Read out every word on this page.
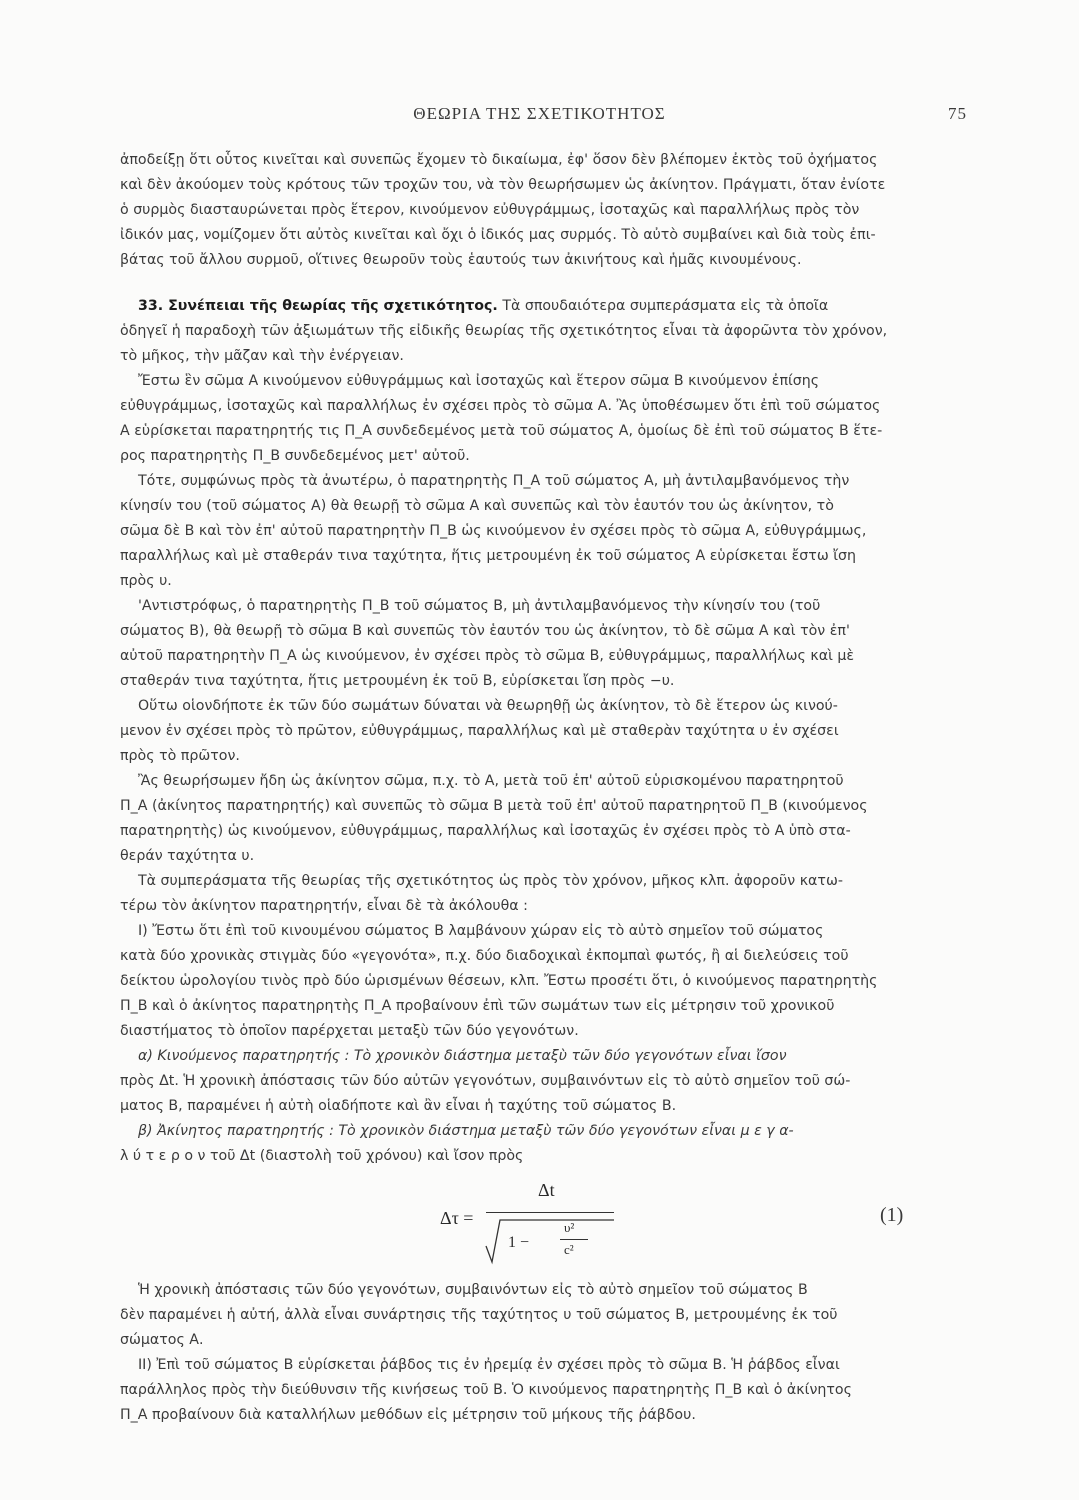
ΘΕΩΡΙΑ ΤΗΣ ΣΧΕΤΙΚΟΤΗΤΟΣ	75
ἀποδείξῃ ὅτι οὗτος κινεῖται καὶ συνεπῶς ἔχομεν τὸ δικαίωμα, ἐφ' ὅσον δὲν βλέπομεν ἐκτὸς τοῦ ὀχήματος
καὶ δὲν ἀκούομεν τοὺς κρότους τῶν τροχῶν του, νὰ τὸν θεωρήσωμεν ὡς ἀκίνητον. Πράγματι, ὅταν ἐνίοτε
ὁ συρμὸς διασταυρώνεται πρὸς ἕτερον, κινούμενον εὐθυγράμμως, ἰσοταχῶς καὶ παραλλήλως πρὸς τὸν
ἰδικόν μας, νομίζομεν ὅτι αὐτὸς κινεῖται καὶ ὄχι ὁ ἰδικός μας συρμός. Τὸ αὐτὸ συμβαίνει καὶ διὰ τοὺς ἐπι-
βάτας τοῦ ἄλλου συρμοῦ, οἵτινες θεωροῦν τοὺς ἑαυτούς των ἀκινήτους καὶ ἡμᾶς κινουμένους.
33. Συνέπειαι τῆς θεωρίας τῆς σχετικότητος. Τὰ σπουδαιότερα συμπεράσματα εἰς τὰ ὁποῖα
ὁδηγεῖ ἡ παραδοχὴ τῶν ἀξιωμάτων τῆς εἰδικῆς θεωρίας τῆς σχετικότητος εἶναι τὰ ἀφορῶντα τὸν χρόνον,
τὸ μῆκος, τὴν μᾶζαν καὶ τὴν ἐνέργειαν.
Ἔστω ἓν σῶμα Α κινούμενον εὐθυγράμμως καὶ ἰσοταχῶς καὶ ἕτερον σῶμα Β κινούμενον ἐπίσης
εὐθυγράμμως, ἰσοταχῶς καὶ παραλλήλως ἐν σχέσει πρὸς τὸ σῶμα Α. Ἂς ὑποθέσωμεν ὅτι ἐπὶ τοῦ σώματος
Α εὑρίσκεται παρατηρητής τις Π_A συνδεδεμένος μετὰ τοῦ σώματος Α, ὁμοίως δὲ ἐπὶ τοῦ σώματος Β ἕτε-
ρος παρατηρητὴς Π_B συνδεδεμένος μετ' αὐτοῦ.
Τότε, συμφώνως πρὸς τὰ ἀνωτέρω, ὁ παρατηρητὴς Π_A τοῦ σώματος Α, μὴ ἀντιλαμβανόμενος τὴν
κίνησίν του (τοῦ σώματος Α) θὰ θεωρῇ τὸ σῶμα Α καὶ συνεπῶς καὶ τὸν ἑαυτόν του ὡς ἀκίνητον, τὸ
σῶμα δὲ Β καὶ τὸν ἐπ' αὐτοῦ παρατηρητὴν Π_B ὡς κινούμενον ἐν σχέσει πρὸς τὸ σῶμα Α, εὐθυγράμμως,
παραλλήλως καὶ μὲ σταθεράν τινα ταχύτητα, ἥτις μετρουμένη ἐκ τοῦ σώματος Α εὑρίσκεται ἔστω ἴση
πρὸς υ.
'Αντιστρόφως, ὁ παρατηρητὴς Π_B τοῦ σώματος Β, μὴ ἀντιλαμβανόμενος τὴν κίνησίν του (τοῦ
σώματος Β), θὰ θεωρῇ τὸ σῶμα Β καὶ συνεπῶς τὸν ἑαυτόν του ὡς ἀκίνητον, τὸ δὲ σῶμα Α καὶ τὸν ἐπ'
αὐτοῦ παρατηρητὴν Π_A ὡς κινούμενον, ἐν σχέσει πρὸς τὸ σῶμα Β, εὐθυγράμμως, παραλλήλως καὶ μὲ
σταθεράν τινα ταχύτητα, ἥτις μετρουμένη ἐκ τοῦ Β, εὑρίσκεται ἴση πρὸς −υ.
Οὕτω οἱονδήποτε ἐκ τῶν δύο σωμάτων δύναται νὰ θεωρηθῇ ὡς ἀκίνητον, τὸ δὲ ἕτερον ὡς κινού-
μενον ἐν σχέσει πρὸς τὸ πρῶτον, εὐθυγράμμως, παραλλήλως καὶ μὲ σταθερὰν ταχύτητα υ ἐν σχέσει
πρὸς τὸ πρῶτον.
Ἂς θεωρήσωμεν ἤδη ὡς ἀκίνητον σῶμα, π.χ. τὸ Α, μετὰ τοῦ ἐπ' αὐτοῦ εὑρισκομένου παρατηρητοῦ
Π_A (ἀκίνητος παρατηρητής) καὶ συνεπῶς τὸ σῶμα Β μετὰ τοῦ ἐπ' αὐτοῦ παρατηρητοῦ Π_B (κινούμενος
παρατηρητὴς) ὡς κινούμενον, εὐθυγράμμως, παραλλήλως καὶ ἰσοταχῶς ἐν σχέσει πρὸς τὸ Α ὑπὸ στα-
θεράν ταχύτητα υ.
Τὰ συμπεράσματα τῆς θεωρίας τῆς σχετικότητος ὡς πρὸς τὸν χρόνον, μῆκος κλπ. ἀφοροῦν κατω-
τέρω τὸν ἀκίνητον παρατηρητήν, εἶναι δὲ τὰ ἀκόλουθα :
Ι) Ἔστω ὅτι ἐπὶ τοῦ κινουμένου σώματος Β λαμβάνουν χώραν εἰς τὸ αὐτὸ σημεῖον τοῦ σώματος
κατὰ δύο χρονικὰς στιγμὰς δύο «γεγονότα», π.χ. δύο διαδοχικαὶ ἐκπομπαὶ φωτός, ἢ αἱ διελεύσεις τοῦ
δείκτου ὡρολογίου τινὸς πρὸ δύο ὡρισμένων θέσεων, κλπ. Ἔστω προσέτι ὅτι, ὁ κινούμενος παρατηρητὴς
Π_B καὶ ὁ ἀκίνητος παρατηρητὴς Π_A προβαίνουν ἐπὶ τῶν σωμάτων των εἰς μέτρησιν τοῦ χρονικοῦ
διαστήματος τὸ ὁποῖον παρέρχεται μεταξὺ τῶν δύο γεγονότων.
α) Κινούμενος παρατηρητής : Τὸ χρονικὸν διάστημα μεταξὺ τῶν δύο γεγονότων εἶναι ἴσον
πρὸς Δt. Ἡ χρονικὴ ἀπόστασις τῶν δύο αὐτῶν γεγονότων, συμβαινόντων εἰς τὸ αὐτὸ σημεῖον τοῦ σώ-
ματος Β, παραμένει ἡ αὐτὴ οἱαδήποτε καὶ ἂν εἶναι ἡ ταχύτης τοῦ σώματος Β.
β) Ἀκίνητος παρατηρητής : Τὸ χρονικὸν διάστημα μεταξὺ τῶν δύο γεγονότων εἶναι μ ε γ α-
λ ύ τ ε ρ ο ν τοῦ Δt (διαστολὴ τοῦ χρόνου) καὶ ἴσον πρὸς
Δτ =
Δt
1 −
υ²
c²
(1)
Ἡ χρονικὴ ἀπόστασις τῶν δύο γεγονότων, συμβαινόντων εἰς τὸ αὐτὸ σημεῖον τοῦ σώματος Β
δὲν παραμένει ἡ αὐτή, ἀλλὰ εἶναι συνάρτησις τῆς ταχύτητος υ τοῦ σώματος Β, μετρουμένης ἐκ τοῦ
σώματος Α.
ΙΙ) Ἐπὶ τοῦ σώματος Β εὑρίσκεται ῥάβδος τις ἐν ἠρεμίᾳ ἐν σχέσει πρὸς τὸ σῶμα Β. Ἡ ῥάβδος εἶναι
παράλληλος πρὸς τὴν διεύθυνσιν τῆς κινήσεως τοῦ Β. Ὁ κινούμενος παρατηρητὴς Π_B καὶ ὁ ἀκίνητος
Π_A προβαίνουν διὰ καταλλήλων μεθόδων εἰς μέτρησιν τοῦ μήκους τῆς ῥάβδου.
